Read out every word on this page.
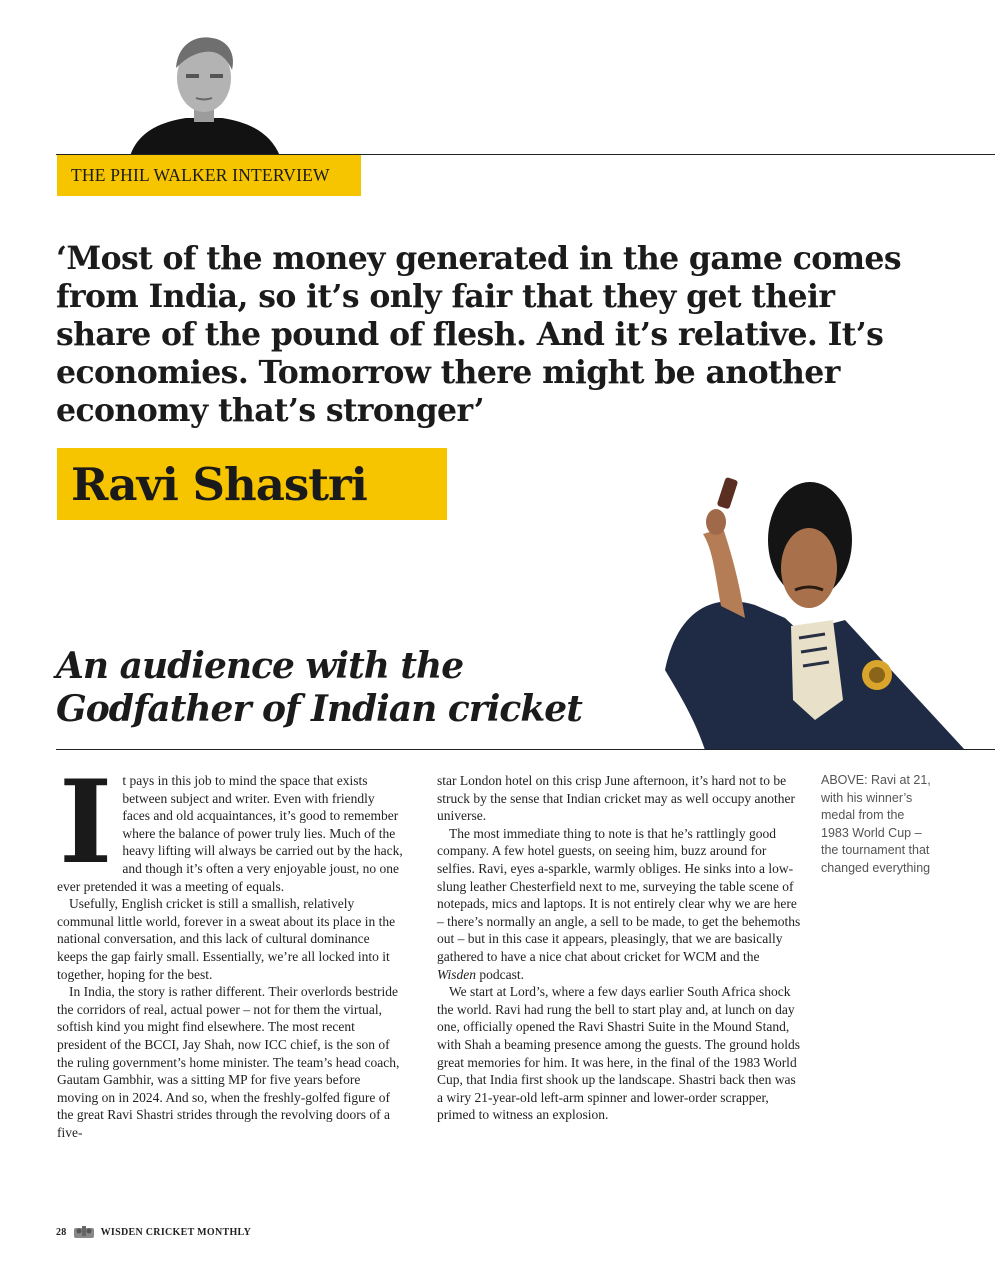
THE PHIL WALKER INTERVIEW

‘Most of the money generated in the game comes from India, so it’s only fair that they get their share of the pound of flesh. And it’s relative. It’s economies. Tomorrow there might be another economy that’s stronger’

Ravi Shastri
An audience with the
Godfather of Indian cricket

It pays in this job to mind the space that exists between subject and writer. Even with friendly faces and old acquaintances, it’s good to remember where the balance of power truly lies. Much of the heavy lifting will always be carried out by the hack, and though it’s often a very enjoyable joust, no one ever pretended it was a meeting of equals.

Usefully, English cricket is still a smallish, relatively communal little world, forever in a sweat about its place in the national conversation, and this lack of cultural dominance keeps the gap fairly small. Essentially, we’re all locked into it together, hoping for the best.

In India, the story is rather different. Their overlords bestride the corridors of real, actual power – not for them the virtual, softish kind you might find elsewhere. The most recent president of the BCCI, Jay Shah, now ICC chief, is the son of the ruling government’s home minister. The team’s head coach, Gautam Gambhir, was a sitting MP for five years before moving on in 2024. And so, when the freshly-golfed figure of the great Ravi Shastri strides through the revolving doors of a five-

star London hotel on this crisp June afternoon, it’s hard not to be struck by the sense that Indian cricket may as well occupy another universe.

The most immediate thing to note is that he’s rattlingly good company. A few hotel guests, on seeing him, buzz around for selfies. Ravi, eyes a-sparkle, warmly obliges. He sinks into a low-slung leather Chesterfield next to me, surveying the table scene of notepads, mics and laptops. It is not entirely clear why we are here – there’s normally an angle, a sell to be made, to get the behemoths out – but in this case it appears, pleasingly, that we are basically gathered to have a nice chat about cricket for WCM and the Wisden podcast.

We start at Lord’s, where a few days earlier South Africa shock the world. Ravi had rung the bell to start play and, at lunch on day one, officially opened the Ravi Shastri Suite in the Mound Stand, with Shah a beaming presence among the guests. The ground holds great memories for him. It was here, in the final of the 1983 World Cup, that India first shook up the landscape. Shastri back then was a wiry 21-year-old left-arm spinner and lower-order scrapper, primed to witness an explosion.

ABOVE: Ravi at 21, with his winner’s medal from the 1983 World Cup – the tournament that changed everything
28	WISDEN CRICKET MONTHLY
